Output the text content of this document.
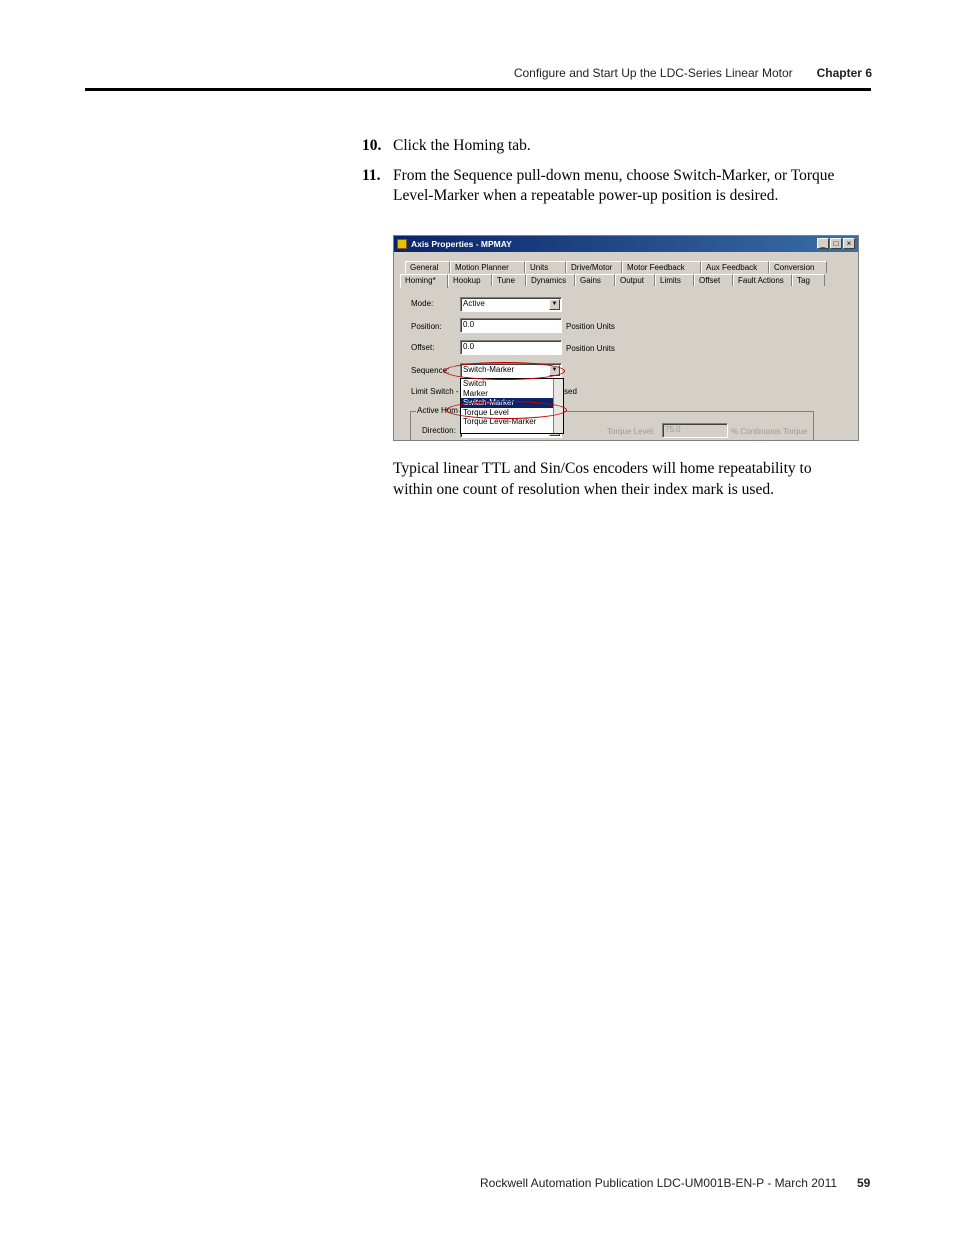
Configure and Start Up the LDC-Series Linear Motor Chapter 6
10. Click the Homing tab.
11. From the Sequence pull-down menu, choose Switch-Marker, or Torque Level-Marker when a repeatable power-up position is desired.
Axis Properties - MPMAY	_	□	×
General	Motion Planner	Units	Drive/Motor	Motor Feedback	Aux Feedback	Conversion
Homing*	Hookup	Tune	Dynamics	Gains	Output	Limits	Offset	Fault Actions	Tag
Mode:	Active	▼
Position:	0.0	Position Units
Offset:	0.0	Position Units
Sequence:	Switch-Marker	▼
Limit Switch -	sed
Active Hom
Direction:	Torque Level:	75.0	% Continuous Torque
Switch
Marker
Switch-Marker
Torque Level
Torque Level-Marker
Typical linear TTL and Sin/Cos encoders will home repeatability to within one count of resolution when their index mark is used.
Rockwell Automation Publication LDC-UM001B-EN-P - March 2011 59
